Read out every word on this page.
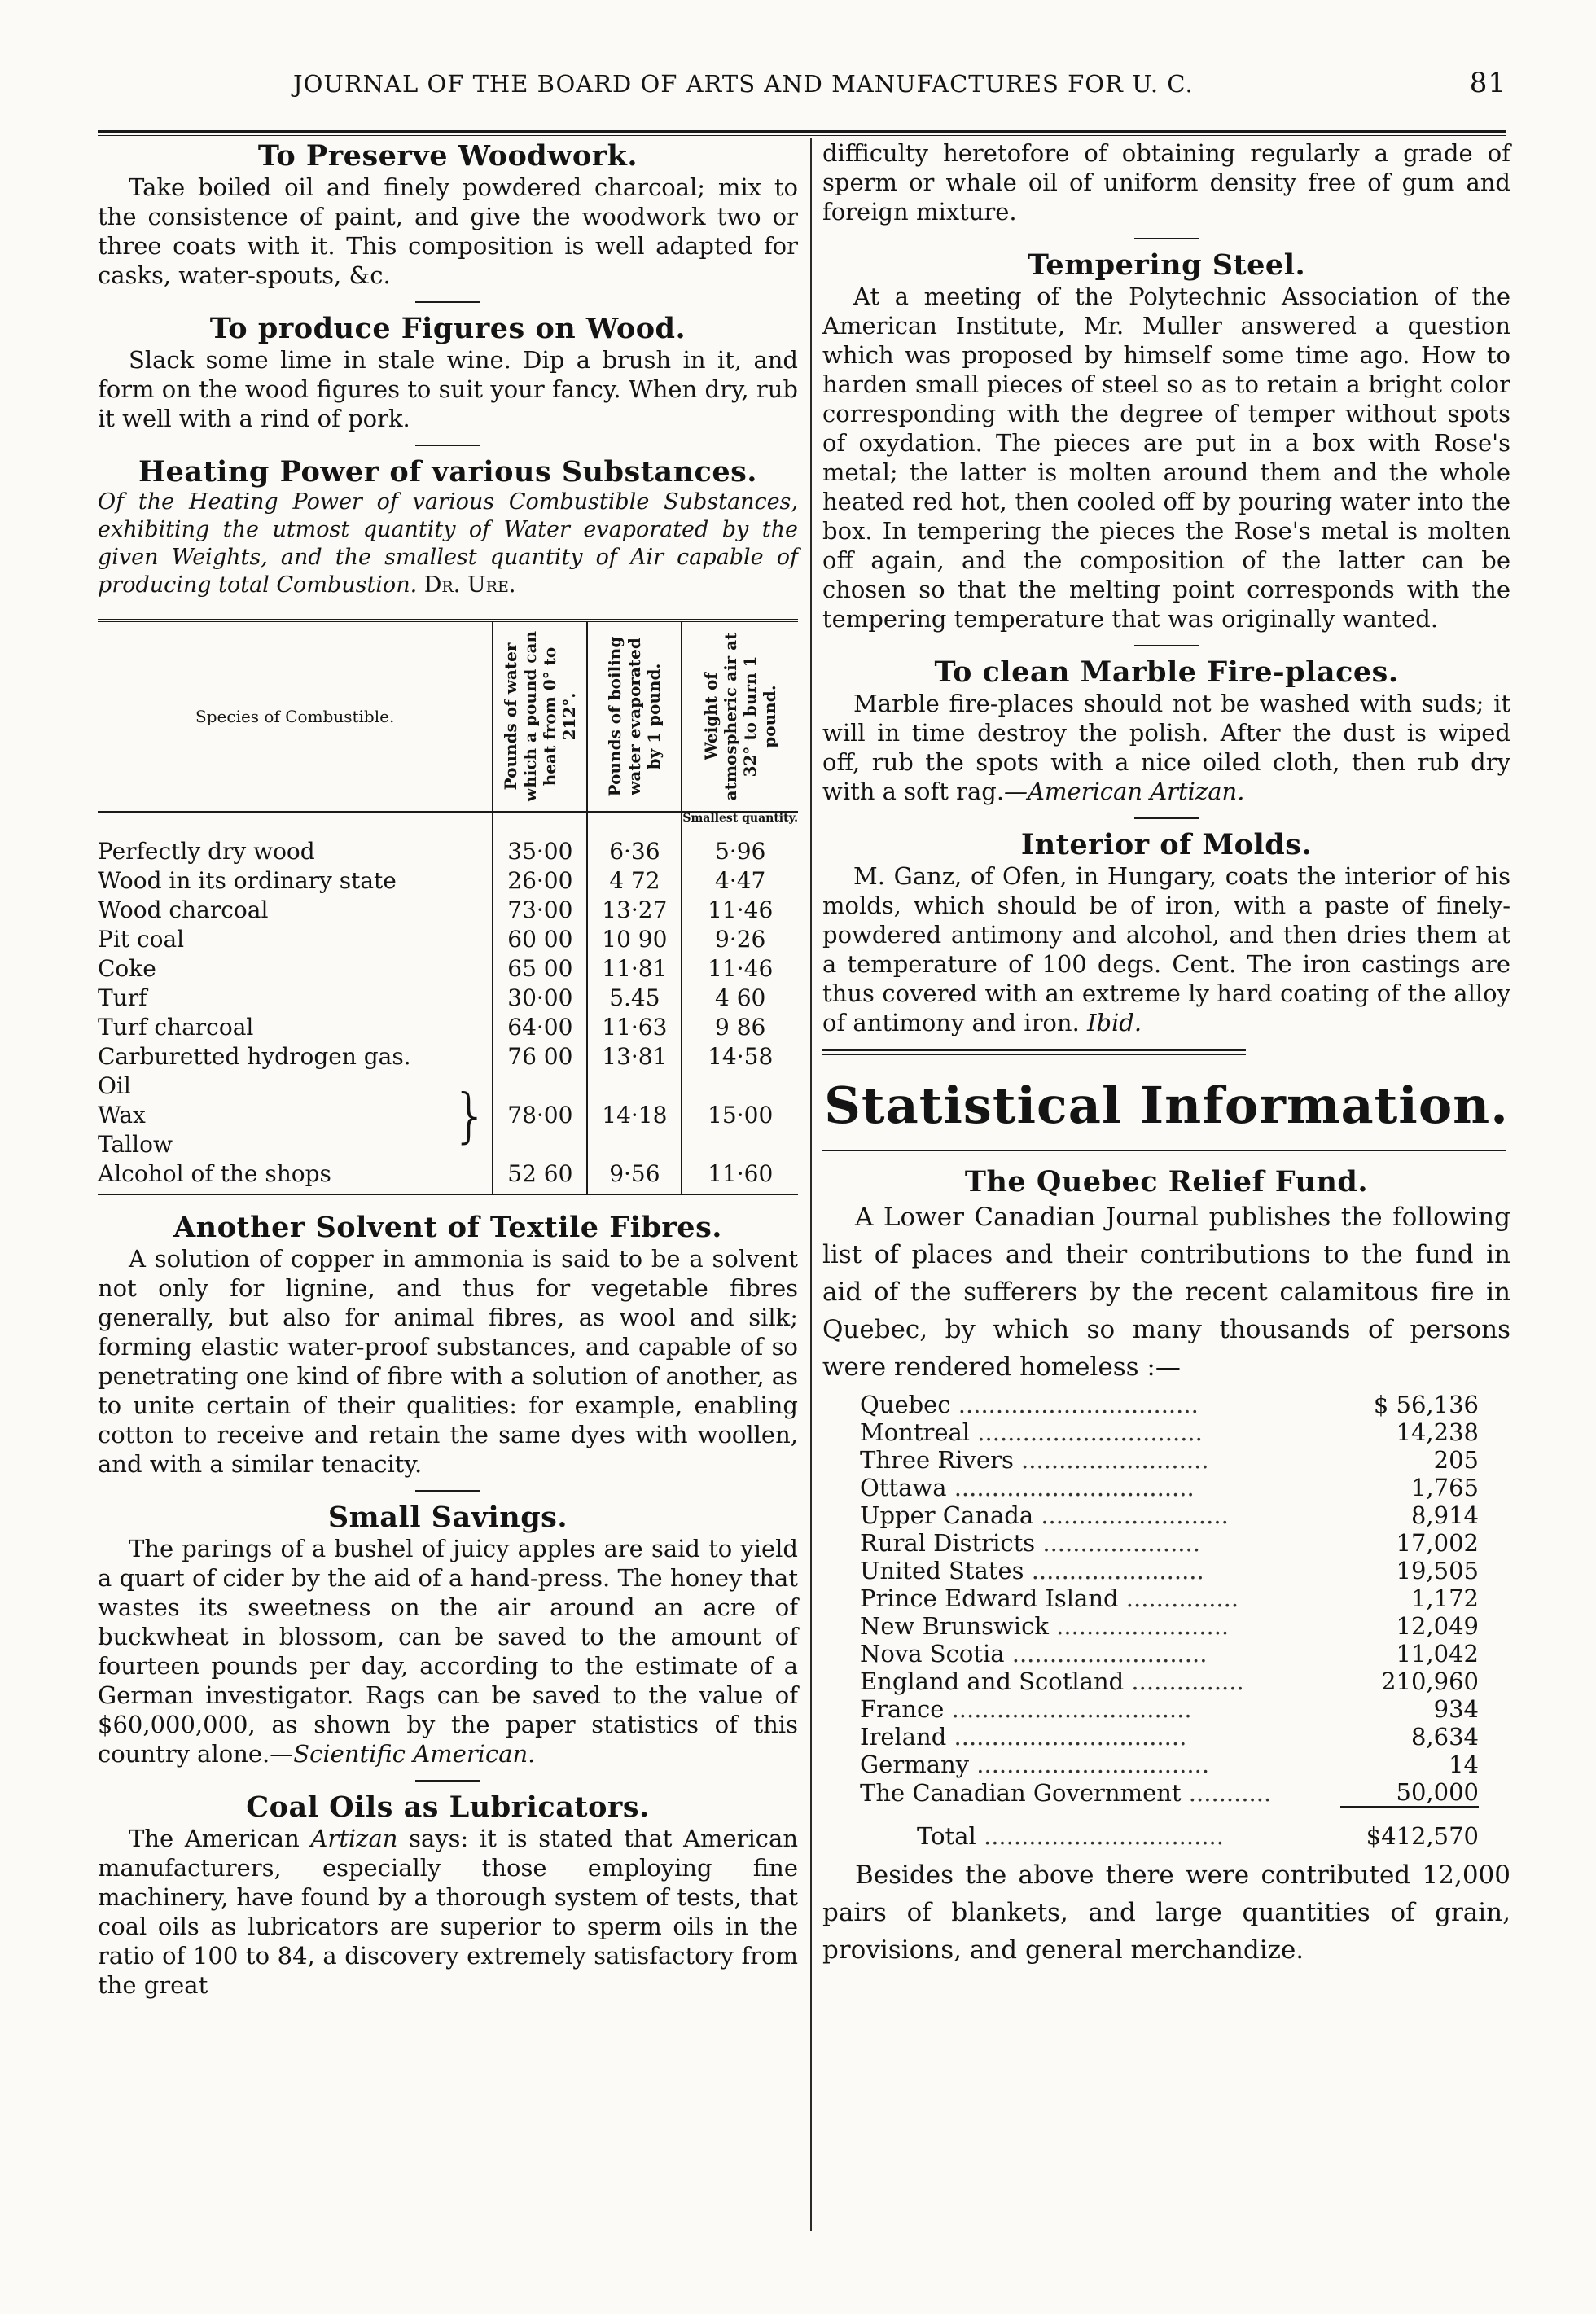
JOURNAL OF THE BOARD OF ARTS AND MANUFACTURES FOR U. C.	81
To Preserve Woodwork.

Take boiled oil and finely powdered charcoal; mix to the consistence of paint, and give the woodwork two or three coats with it. This composition is well adapted for casks, water-spouts, &c.

To produce Figures on Wood.

Slack some lime in stale wine. Dip a brush in it, and form on the wood figures to suit your fancy. When dry, rub it well with a rind of pork.

Heating Power of various Substances.

Of the Heating Power of various Combustible Substances, exhibiting the utmost quantity of Water evaporated by the given Weights, and the smallest quantity of Air capable of producing total Combustion. Dr. Ure.

Species of Combustible.	Pounds of water which a pound can heat from 0° to 212°.	Pounds of boiling water evaporated by 1 pound.	Weight of atmospheric air at 32° to burn 1 pound.

			Smallest quantity.
Perfectly dry wood	35·00	6·36	5·96
Wood in its ordinary state	26·00	4 72	4·47
Wood charcoal	73·00	13·27	11·46
Pit coal	60 00	10 90	9·26
Coke	65 00	11·81	11·46
Turf	30·00	5.45	4 60
Turf charcoal	64·00	11·63	9 86
Carburetted hydrogen gas.	76 00	13·81	14·58

Oil
Wax
Tallow }	78·00	14·18	15·00
Alcohol of the shops	52 60	9·56	11·60
Another Solvent of Textile Fibres.

A solution of copper in ammonia is said to be a solvent not only for lignine, and thus for vegetable fibres generally, but also for animal fibres, as wool and silk; forming elastic water-proof substances, and capable of so penetrating one kind of fibre with a solution of another, as to unite certain of their qualities: for example, enabling cotton to receive and retain the same dyes with woollen, and with a similar tenacity.

Small Savings.

The parings of a bushel of juicy apples are said to yield a quart of cider by the aid of a hand-press. The honey that wastes its sweetness on the air around an acre of buckwheat in blossom, can be saved to the amount of fourteen pounds per day, according to the estimate of a German investigator. Rags can be saved to the value of $60,000,000, as shown by the paper statistics of this country alone.—Scientific American.

Coal Oils as Lubricators.

The American Artizan says: it is stated that American manufacturers, especially those employing fine machinery, have found by a thorough system of tests, that coal oils as lubricators are superior to sperm oils in the ratio of 100 to 84, a discovery extremely satisfactory from the great

difficulty heretofore of obtaining regularly a grade of sperm or whale oil of uniform density free of gum and foreign mixture.

Tempering Steel.

At a meeting of the Polytechnic Association of the American Institute, Mr. Muller answered a question which was proposed by himself some time ago. How to harden small pieces of steel so as to retain a bright color corresponding with the degree of temper without spots of oxydation. The pieces are put in a box with Rose's metal; the latter is molten around them and the whole heated red hot, then cooled off by pouring water into the box. In tempering the pieces the Rose's metal is molten off again, and the composition of the latter can be chosen so that the melting point corresponds with the tempering temperature that was originally wanted.

To clean Marble Fire-places.

Marble fire-places should not be washed with suds; it will in time destroy the polish. After the dust is wiped off, rub the spots with a nice oiled cloth, then rub dry with a soft rag.—American Artizan.

Interior of Molds.

M. Ganz, of Ofen, in Hungary, coats the interior of his molds, which should be of iron, with a paste of finely-powdered antimony and alcohol, and then dries them at a temperature of 100 degs. Cent. The iron castings are thus covered with an extreme ly hard coating of the alloy of antimony and iron. Ibid.

Statistical Information.
The Quebec Relief Fund.

A Lower Canadian Journal publishes the following list of places and their contributions to the fund in aid of the sufferers by the recent calamitous fire in Quebec, by which so many thousands of persons were rendered homeless :—

Quebec ................................	$ 56,136
Montreal ..............................	14,238
Three Rivers .........................	205
Ottawa ................................	1,765
Upper Canada .........................	8,914
Rural Districts .....................	17,002
United States .......................	19,505
Prince Edward Island ...............	1,172
New Brunswick .......................	12,049
Nova Scotia ..........................	11,042
England and Scotland ...............	210,960
France ................................	934
Ireland ...............................	8,634
Germany ...............................	14
The Canadian Government ...........	50,000
Total ................................	$412,570

Besides the above there were contributed 12,000 pairs of blankets, and large quantities of grain, provisions, and general merchandize.
